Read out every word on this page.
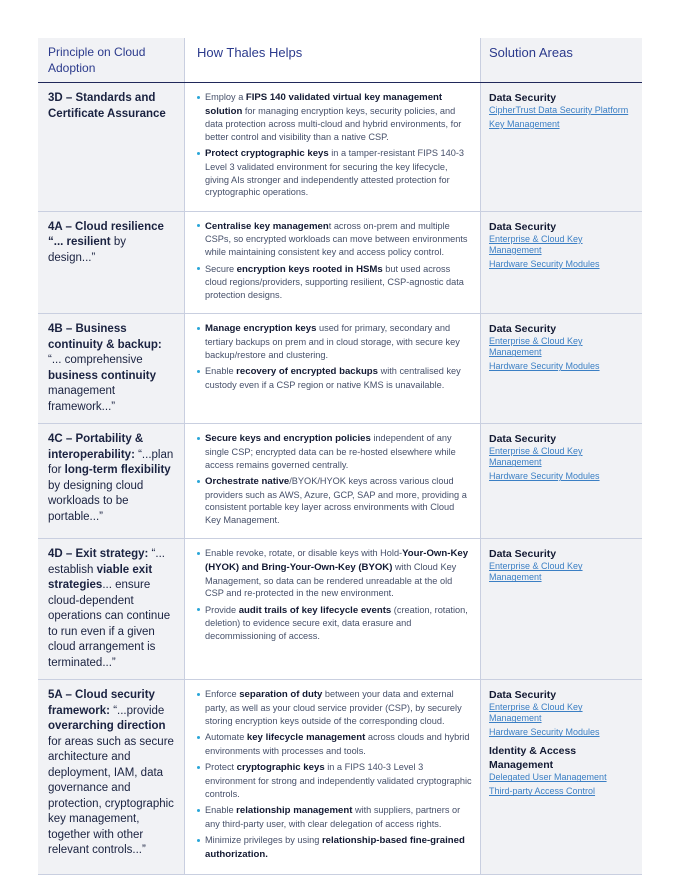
Principle on Cloud Adoption
How Thales Helps	Solution Areas
3D – Standards and Certificate Assurance
Employ a FIPS 140 validated virtual key management solution for managing encryption keys, security policies, and data protection across multi-cloud and hybrid environments, for better control and visibility than a native CSP.
Protect cryptographic keys in a tamper-resistant FIPS 140-3 Level 3 validated environment for securing the key lifecycle, giving AIs stronger and independently attested protection for cryptographic operations.
Data Security
CipherTrust Data Security Platform
Key Management
4A – Cloud resilience “... resilient by design...”
Centralise key management across on-prem and multiple CSPs, so encrypted workloads can move between environments while maintaining consistent key and access policy control.
Secure encryption keys rooted in HSMs but used across cloud regions/providers, supporting resilient, CSP-agnostic data protection designs.
Data Security
Enterprise & Cloud Key Management
Hardware Security Modules
4B – Business continuity & backup: “... comprehensive business continuity management framework...”
Manage encryption keys used for primary, secondary and tertiary backups on prem and in cloud storage, with secure key backup/restore and clustering.
Enable recovery of encrypted backups with centralised key custody even if a CSP region or native KMS is unavailable.
Data Security
Enterprise & Cloud Key Management
Hardware Security Modules
4C – Portability & interoperability: “...plan for long-term flexibility by designing cloud workloads to be portable...”
Secure keys and encryption policies independent of any single CSP; encrypted data can be re-hosted elsewhere while access remains governed centrally.
Orchestrate native/BYOK/HYOK keys across various cloud providers such as AWS, Azure, GCP, SAP and more, providing a consistent portable key layer across environments with Cloud Key Management.
Data Security
Enterprise & Cloud Key Management
Hardware Security Modules
4D – Exit strategy: “... establish viable exit strategies... ensure cloud-dependent operations can continue to run even if a given cloud arrangement is terminated...”
Enable revoke, rotate, or disable keys with Hold-Your-Own-Key (HYOK) and Bring-Your-Own-Key (BYOK) with Cloud Key Management, so data can be rendered unreadable at the old CSP and re-protected in the new environment.
Provide audit trails of key lifecycle events (creation, rotation, deletion) to evidence secure exit, data erasure and decommissioning of access.
Data Security
Enterprise & Cloud Key Management
5A – Cloud security framework: “...provide overarching direction for areas such as secure architecture and deployment, IAM, data governance and protection, cryptographic key management, together with other relevant controls...”
Enforce separation of duty between your data and external party, as well as your cloud service provider (CSP), by securely storing encryption keys outside of the corresponding cloud.
Automate key lifecycle management across clouds and hybrid environments with processes and tools.
Protect cryptographic keys in a FIPS 140-3 Level 3 environment for strong and independently validated cryptographic controls.
Enable relationship management with suppliers, partners or any third-party user, with clear delegation of access rights.
Minimize privileges by using relationship-based fine-grained authorization.
Data Security
Enterprise & Cloud Key Management
Hardware Security Modules
Identity & Access Management
Delegated User Management
Third-party Access Control
